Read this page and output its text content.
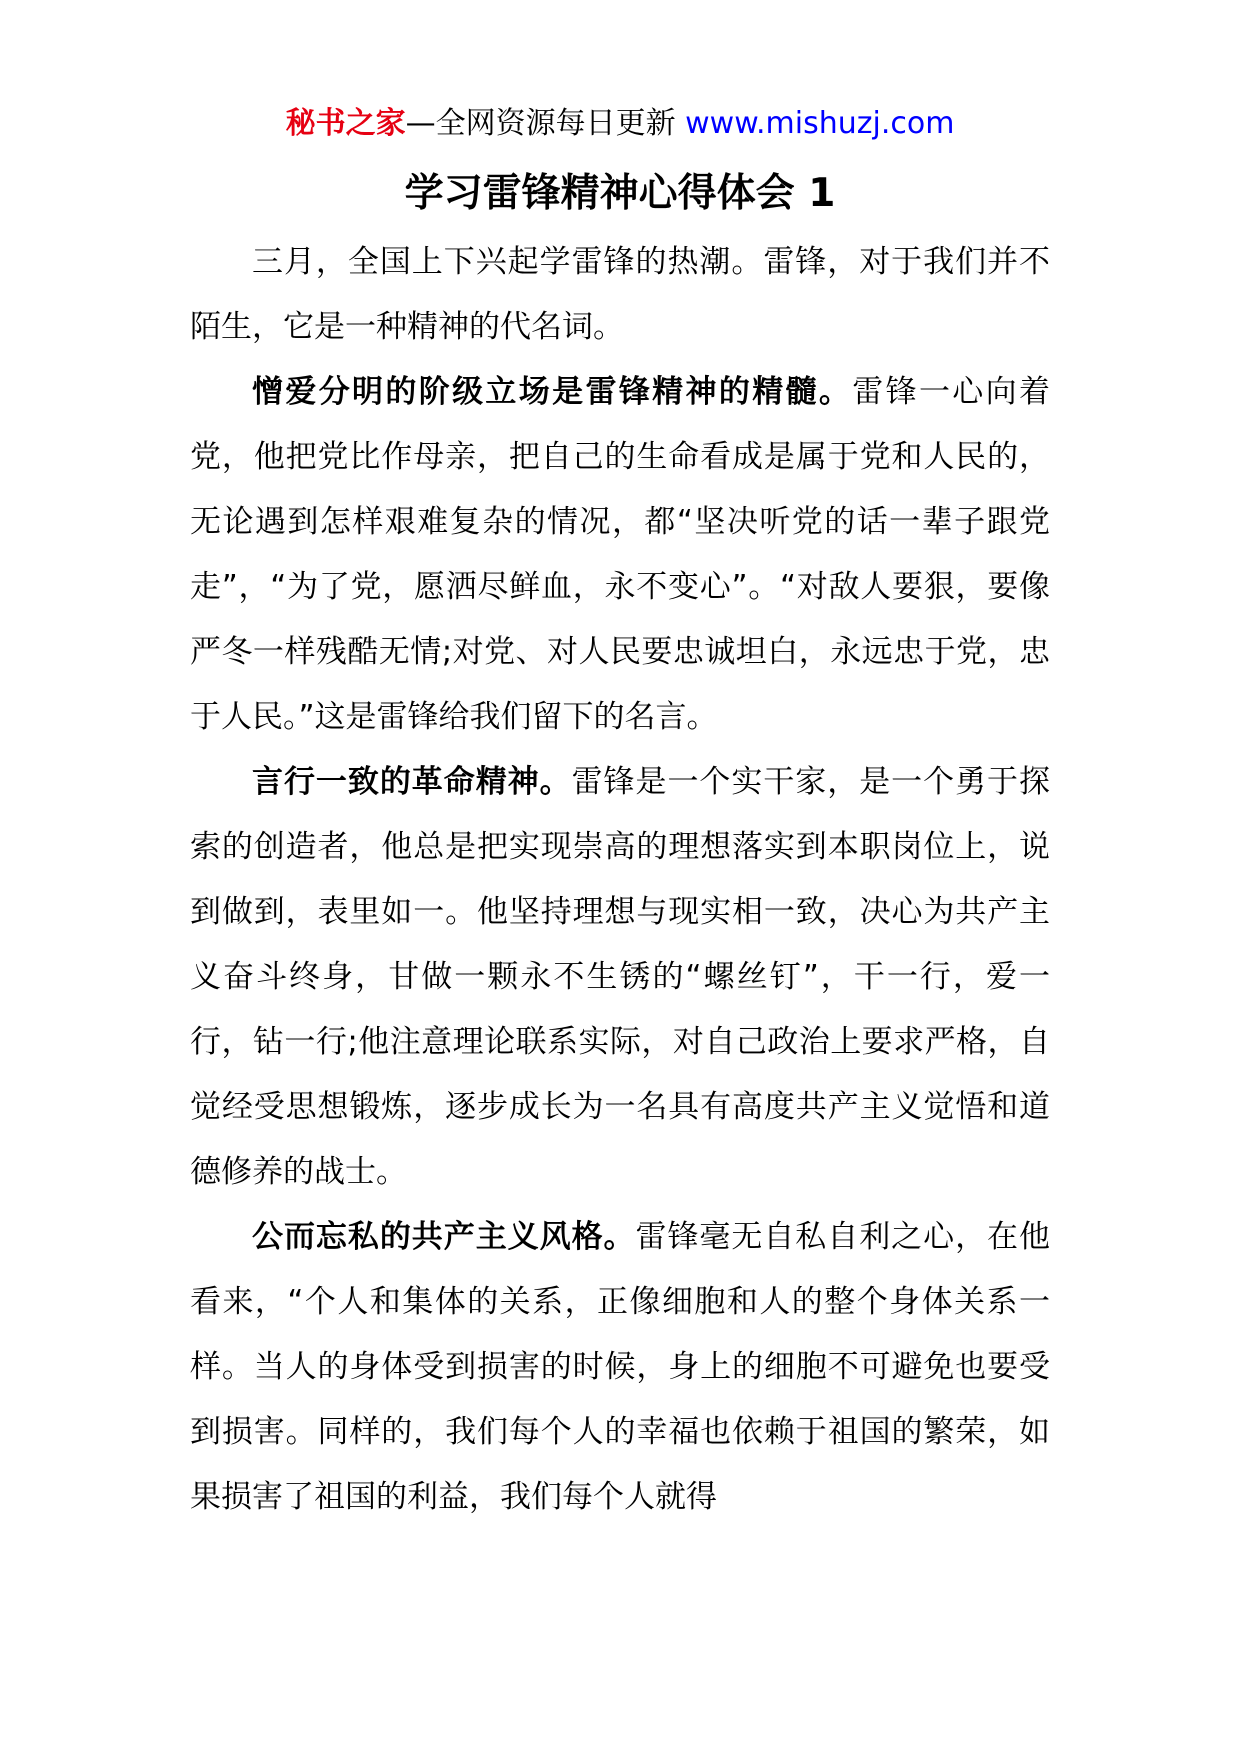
秘书之家—全网资源每日更新 www.mishuzj.com
学习雷锋精神心得体会 1

三月，全国上下兴起学雷锋的热潮。雷锋，对于我们并不陌生，它是一种精神的代名词。

憎爱分明的阶级立场是雷锋精神的精髓。雷锋一心向着党，他把党比作母亲，把自己的生命看成是属于党和人民的，无论遇到怎样艰难复杂的情况，都“坚决听党的话一辈子跟党走”，“为了党，愿洒尽鲜血，永不变心”。“对敌人要狠，要像严冬一样残酷无情;对党、对人民要忠诚坦白，永远忠于党，忠于人民。”这是雷锋给我们留下的名言。

言行一致的革命精神。雷锋是一个实干家，是一个勇于探索的创造者，他总是把实现崇高的理想落实到本职岗位上，说到做到，表里如一。他坚持理想与现实相一致，决心为共产主义奋斗终身，甘做一颗永不生锈的“螺丝钉”，干一行，爱一行，钻一行;他注意理论联系实际，对自己政治上要求严格，自觉经受思想锻炼，逐步成长为一名具有高度共产主义觉悟和道德修养的战士。

公而忘私的共产主义风格。雷锋毫无自私自利之心，在他看来，“个人和集体的关系，正像细胞和人的整个身体关系一样。当人的身体受到损害的时候，身上的细胞不可避免也要受到损害。同样的，我们每个人的幸福也依赖于祖国的繁荣，如果损害了祖国的利益，我们每个人就得
